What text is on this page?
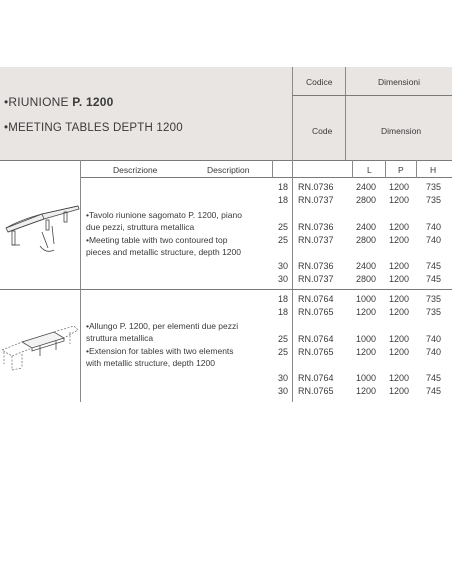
•RIUNIONE P. 1200
•MEETING TABLES DEPTH 1200
Codice	Dimensioni
Code	Dimension
Descrizione	Description	L	P	H
•Tavolo riunione sagomato P. 1200, piano
due pezzi, struttura metallica
•Meeting table with two contoured top
pieces and metallic structure, depth 1200
18 RN.0736 2400 1200 735
18 RN.0737 2800 1200 735
25 RN.0736 2400 1200 740
25 RN.0737 2800 1200 740
30 RN.0736 2400 1200 745
30 RN.0737 2800 1200 745
•Allungo P. 1200, per elementi due pezzi
struttura metallica
•Extension for tables with two elements
with metallic structure, depth 1200
18 RN.0764 1000 1200 735
18 RN.0765 1200 1200 735
25 RN.0764 1000 1200 740
25 RN.0765 1200 1200 740
30 RN.0764 1000 1200 745
30 RN.0765 1200 1200 745
